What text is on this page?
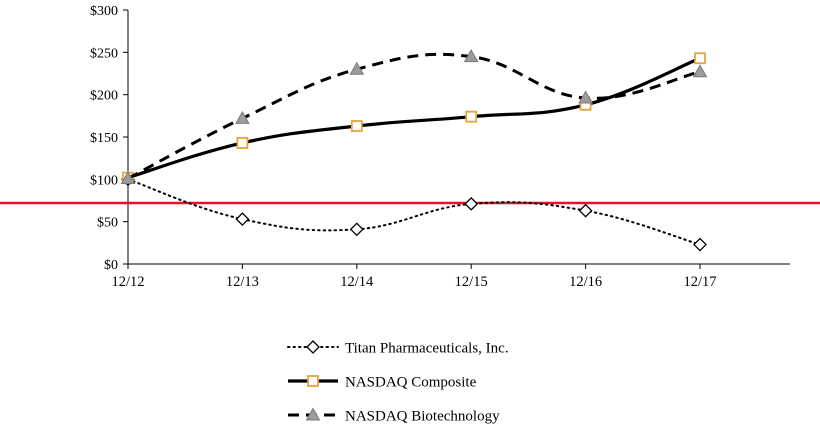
$0
$50
$100
$150
$200
$250
$300
12/12	12/13	12/14	12/15	12/16	12/17
Titan Pharmaceuticals, Inc.
NASDAQ Composite
NASDAQ Biotechnology
